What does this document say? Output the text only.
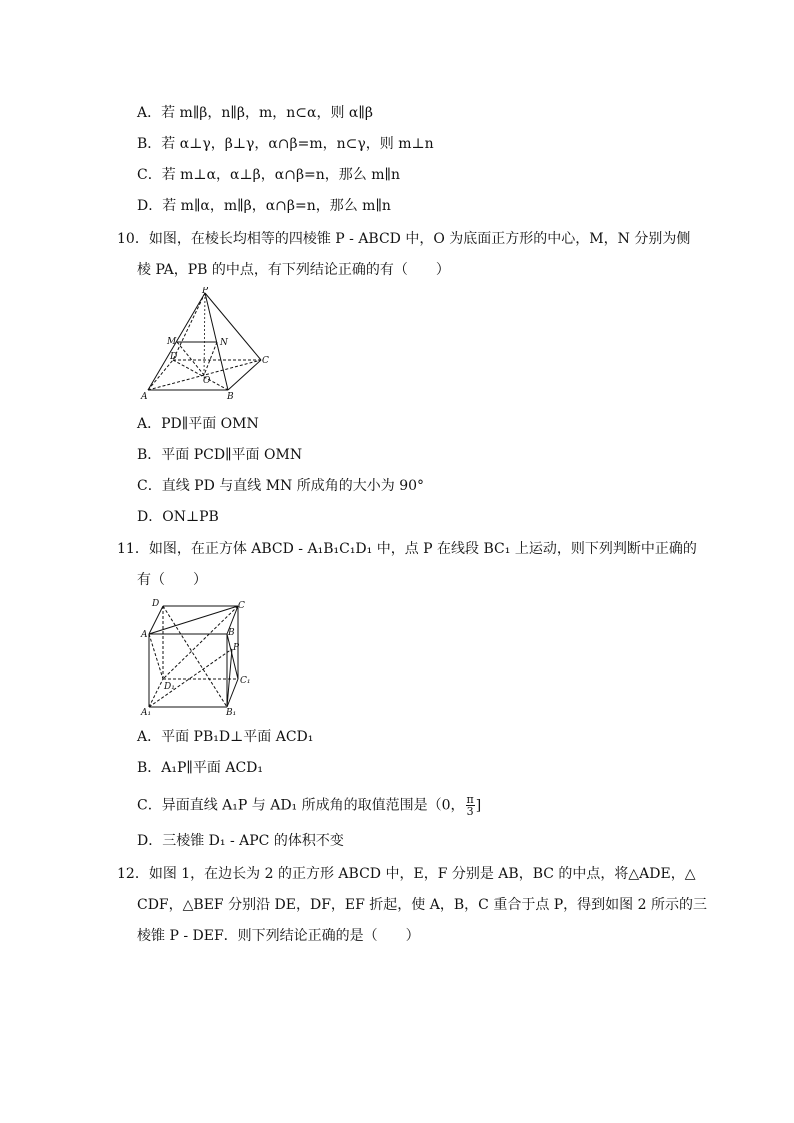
A．若 m∥β，n∥β，m，n⊂α，则 α∥β
B．若 α⊥γ，β⊥γ，α∩β=m，n⊂γ，则 m⊥n
C．若 m⊥α，α⊥β，α∩β=n，那么 m∥n
D．若 m∥α，m∥β，α∩β=n，那么 m∥n
10．如图，在棱长均相等的四棱锥 P - ABCD 中，O 为底面正方形的中心，M，N 分别为侧
棱 PA，PB 的中点，有下列结论正确的有（　　）
P
M	N
D	C
O
A	B
A．PD∥平面 OMN
B．平面 PCD∥平面 OMN
C．直线 PD 与直线 MN 所成角的大小为 90°
D．ON⊥PB
11．如图，在正方体 ABCD - A₁B₁C₁D₁ 中，点 P 在线段 BC₁ 上运动，则下列判断中正确的
有（　　）
D	C
A	B
P
D₁
C₁
A₁	B₁
A．平面 PB₁D⊥平面 ACD₁
B．A₁P∥平面 ACD₁
C．异面直线 A₁P 与 AD₁ 所成角的取值范围是（0， $\frac{\pi}{3}$ ]
D．三棱锥 D₁ - APC 的体积不变
12．如图 1，在边长为 2 的正方形 ABCD 中，E，F 分别是 AB，BC 的中点，将△ADE，△
CDF，△BEF 分别沿 DE，DF，EF 折起，使 A，B，C 重合于点 P，得到如图 2 所示的三
棱锥 P - DEF．则下列结论正确的是（　　）
